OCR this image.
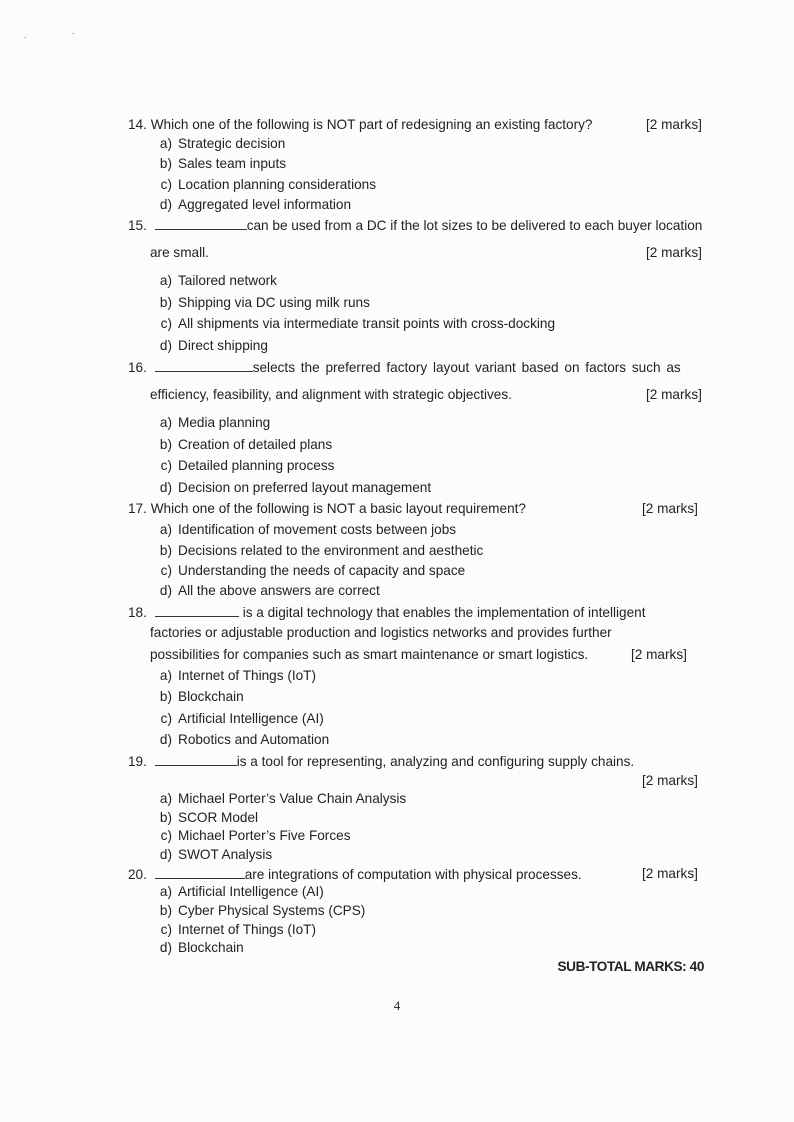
14. Which one of the following is NOT part of redesigning an existing factory?	[2 marks]
a) Strategic decision
b) Sales team inputs
c) Location planning considerations
d) Aggregated level information
15.	can be used from a DC if the lot sizes to be delivered to each buyer location
are small.	[2 marks]
a) Tailored network
b) Shipping via DC using milk runs
c) All shipments via intermediate transit points with cross-docking
d) Direct shipping
16.	selects the preferred factory layout variant based on factors such as
efficiency, feasibility, and alignment with strategic objectives.	[2 marks]
a) Media planning
b) Creation of detailed plans
c) Detailed planning process
d) Decision on preferred layout management
17. Which one of the following is NOT a basic layout requirement?	[2 marks]
a) Identification of movement costs between jobs
b) Decisions related to the environment and aesthetic
c) Understanding the needs of capacity and space
d) All the above answers are correct
18.	is a digital technology that enables the implementation of intelligent
factories or adjustable production and logistics networks and provides further
possibilities for companies such as smart maintenance or smart logistics.	[2 marks]
a) Internet of Things (IoT)
b) Blockchain
c) Artificial Intelligence (AI)
d) Robotics and Automation
19.	is a tool for representing, analyzing and configuring supply chains.
[2 marks]
a) Michael Porter’s Value Chain Analysis
b) SCOR Model
c) Michael Porter’s Five Forces
d) SWOT Analysis
20.	are integrations of computation with physical processes.	[2 marks]
a) Artificial Intelligence (AI)
b) Cyber Physical Systems (CPS)
c) Internet of Things (IoT)
d) Blockchain
SUB-TOTAL MARKS: 40
4
